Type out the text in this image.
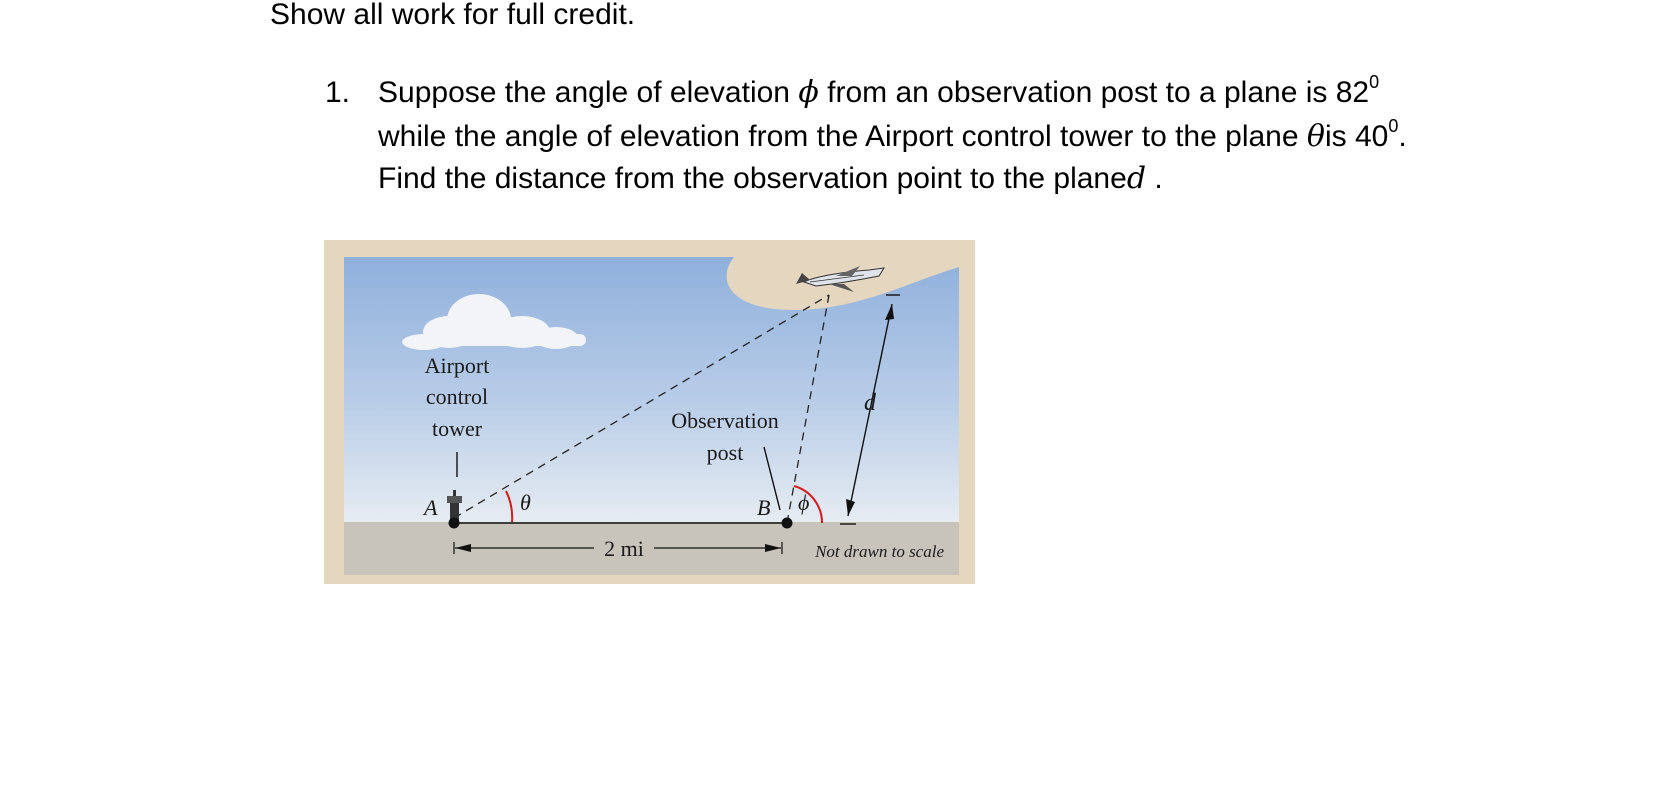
Show all work for full credit.
1. Suppose the angle of elevation ϕ from an observation post to a plane is $82^0$
while the angle of elevation from the Airport control tower to the plane θis $40^0$.
Find the distance from the observation point to the planed .
Airport
control
tower	Observation
post
A	B
θ	ϕ
d
2 mi	Not drawn to scale
